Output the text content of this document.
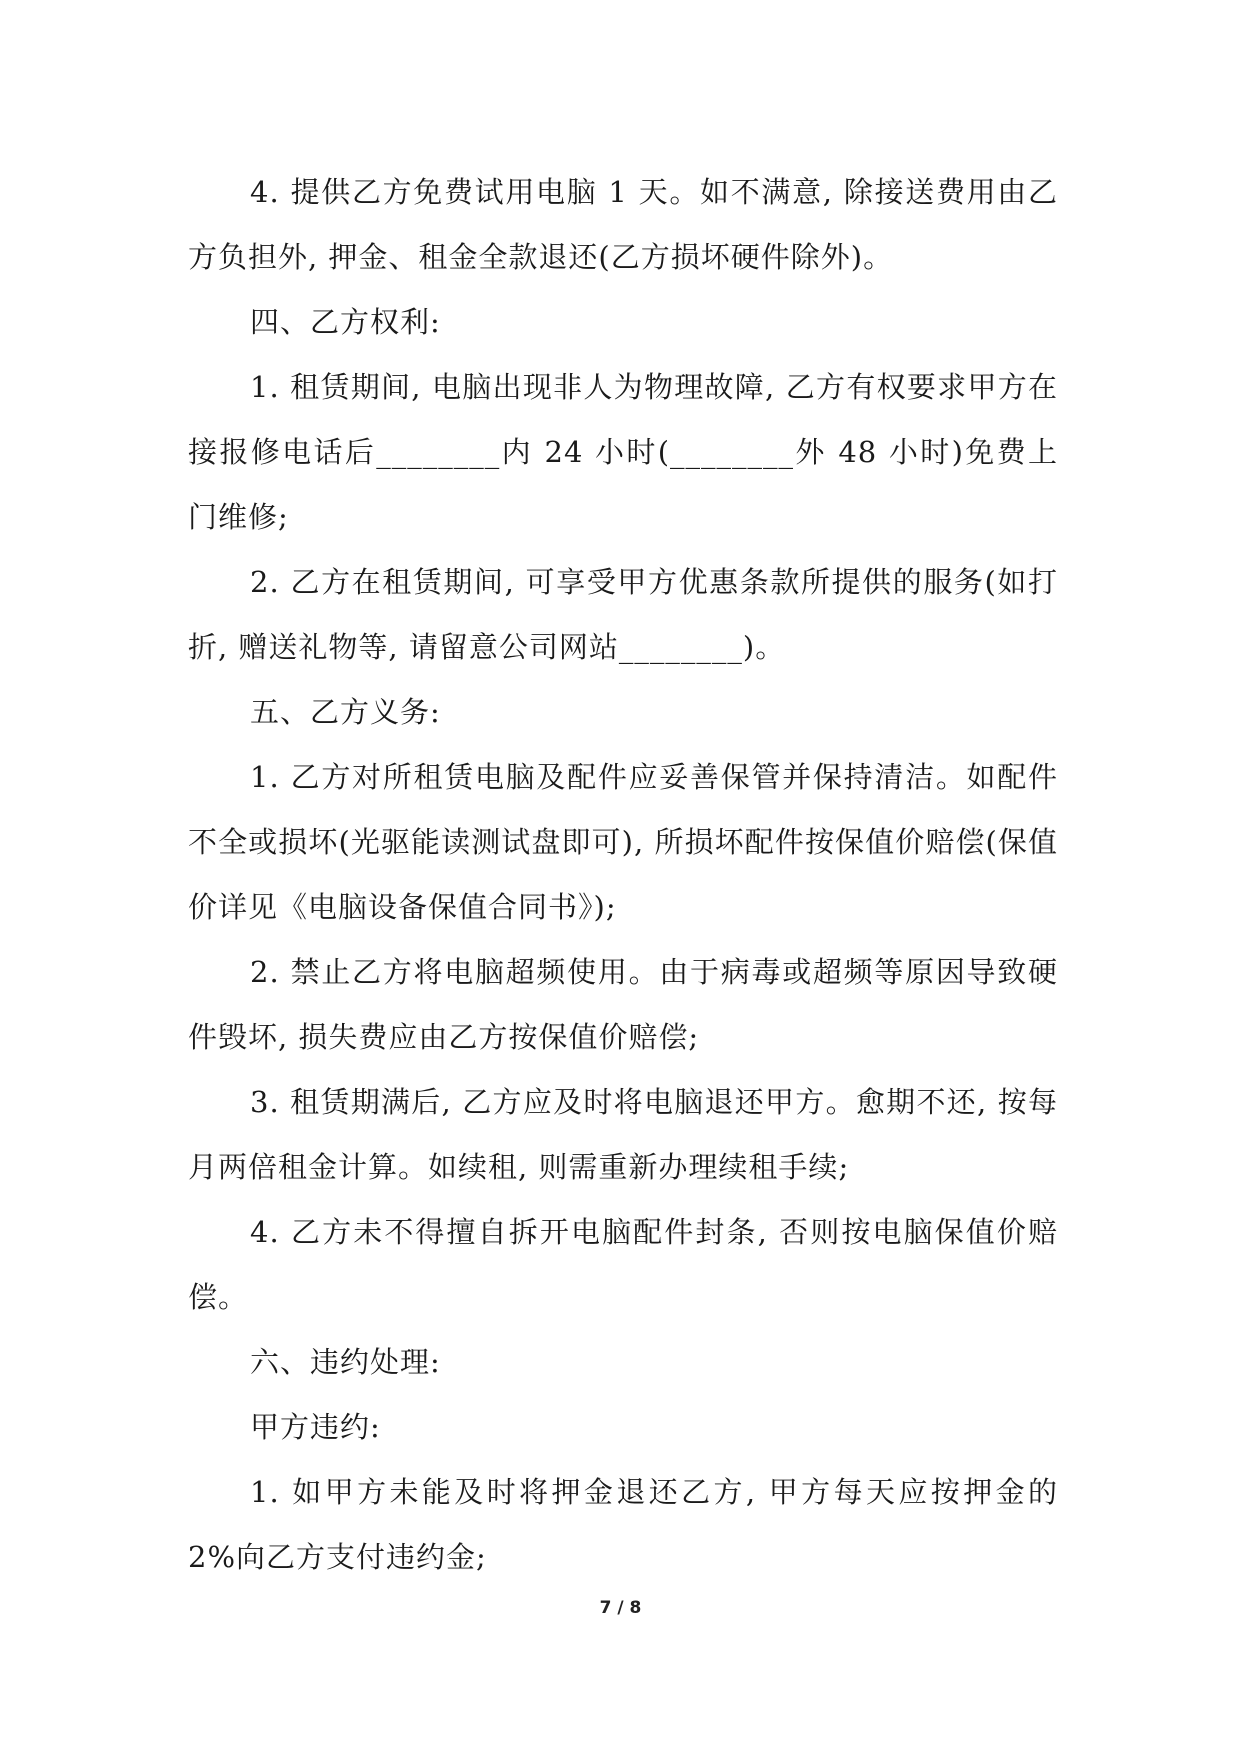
4. 提供乙方免费试用电脑 1 天。如不满意, 除接送费用由乙方负担外, 押金、租金全款退还(乙方损坏硬件除外)。

四、乙方权利:

1. 租赁期间, 电脑出现非人为物理故障, 乙方有权要求甲方在接报修电话后________内 24 小时(________外 48 小时)免费上门维修;

2. 乙方在租赁期间, 可享受甲方优惠条款所提供的服务(如打折, 赠送礼物等, 请留意公司网站________)。

五、乙方义务:

1. 乙方对所租赁电脑及配件应妥善保管并保持清洁。如配件不全或损坏(光驱能读测试盘即可), 所损坏配件按保值价赔偿(保值价详见《电脑设备保值合同书》);

2. 禁止乙方将电脑超频使用。由于病毒或超频等原因导致硬件毁坏, 损失费应由乙方按保值价赔偿;

3. 租赁期满后, 乙方应及时将电脑退还甲方。愈期不还, 按每月两倍租金计算。如续租, 则需重新办理续租手续;

4. 乙方未不得擅自拆开电脑配件封条, 否则按电脑保值价赔偿。

六、违约处理:

甲方违约:

1. 如甲方未能及时将押金退还乙方, 甲方每天应按押金的 2%向乙方支付违约金;

7 / 8
